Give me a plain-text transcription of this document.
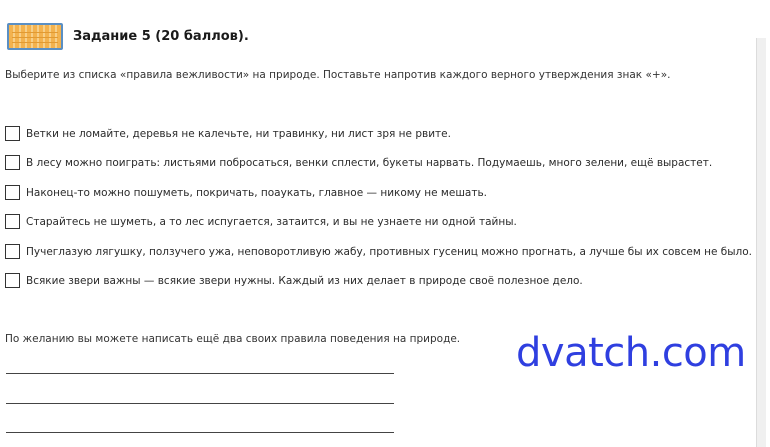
Задание 5 (20 баллов).
Выберите из списка «правила вежливости» на природе. Поставьте напротив каждого верного утверждения знак «+».
Ветки не ломайте, деревья не калечьте, ни травинку, ни лист зря не рвите.
В лесу можно поиграть: листьями побросаться, венки сплести, букеты нарвать. Подумаешь, много зелени, ещё вырастет.
Наконец-то можно пошуметь, покричать, поаукать, главное — никому не мешать.
Старайтесь не шуметь, а то лес испугается, затаится, и вы не узнаете ни одной тайны.
Пучеглазую лягушку, ползучего ужа, неповоротливую жабу, противных гусениц можно прогнать, а лучше бы их совсем не было.
Всякие звери важны — всякие звери нужны. Каждый из них делает в природе своё полезное дело.
По желанию вы можете написать ещё два своих правила поведения на природе. dvatch.com
